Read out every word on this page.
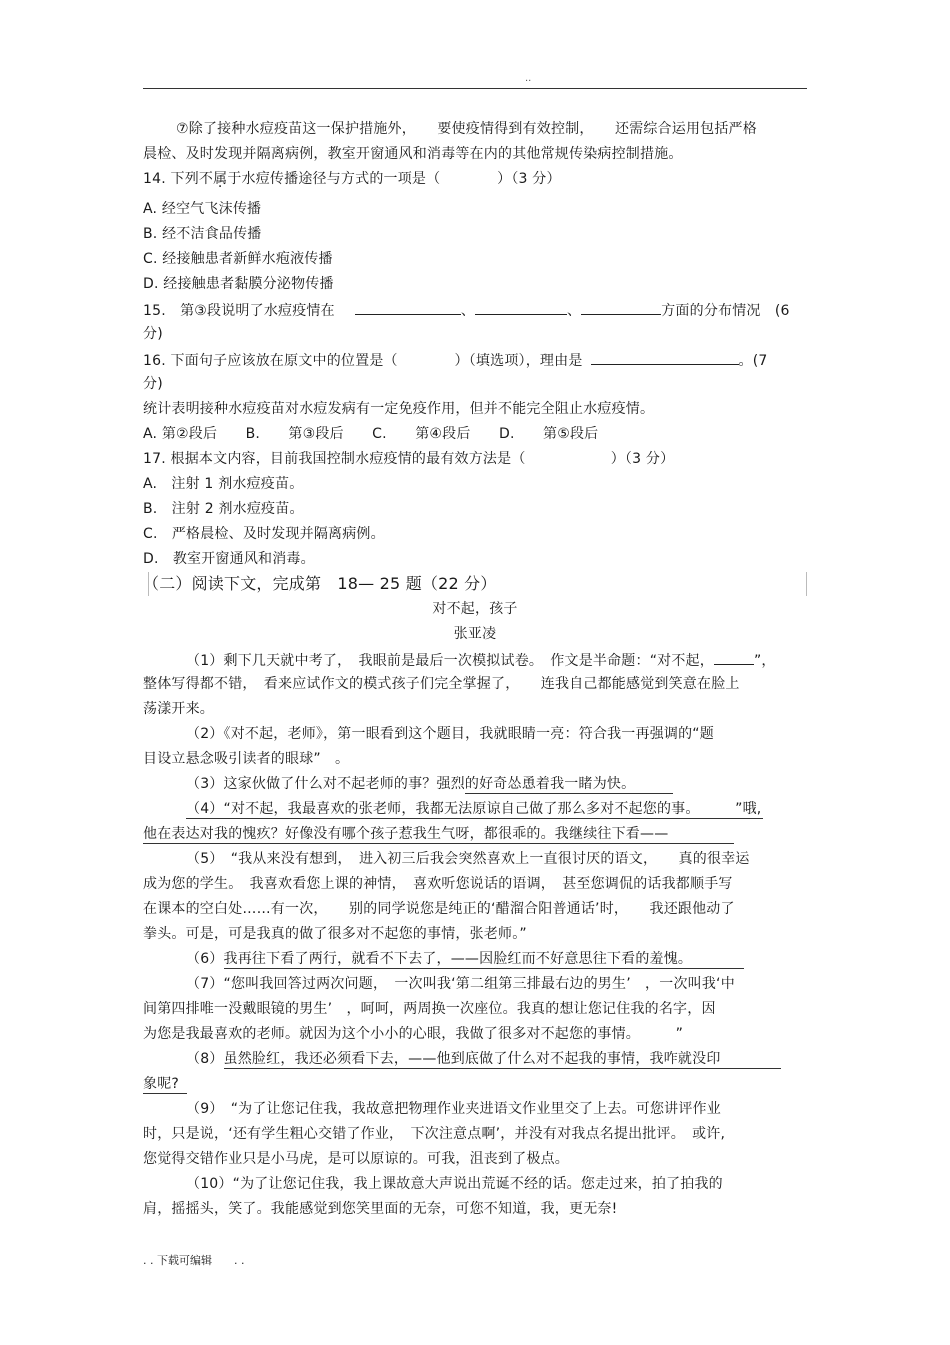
..
⑦除了接种水痘疫苗这一保护措施外，　　要使疫情得到有效控制，　　还需综合运用包括严格
晨检、及时发现并隔离病例，教室开窗通风和消毒等在内的其他常规传染病控制措施。
14. 下列不属于水痘传播途径与方式的一项是（　　　　）（3 分）
A. 经空气飞沫传播
B. 经不洁食品传播
C. 经接触患者新鲜水疱液传播
D. 经接触患者黏膜分泌物传播
15.　第③段说明了水痘疫情在	、	、	方面的分布情况　(6
分)
16. 下面句子应该放在原文中的位置是（　　　　）（填选项），理由是	。(7
分)
统计表明接种水痘疫苗对水痘发病有一定免疫作用，但并不能完全阻止水痘疫情。
A. 第②段后　　B.　　第③段后　　C.　　第④段后　　D.　　第⑤段后
17. 根据本文内容，目前我国控制水痘疫情的最有效方法是（　　　　　　）（3 分）
A.　注射 1 剂水痘疫苗。
B.　注射 2 剂水痘疫苗。
C.　严格晨检、及时发现并隔离病例。
D.　教室开窗通风和消毒。
（二）阅读下文，完成第　18— 25 题（22 分）
对不起，孩子
张亚凌
（1）剩下几天就中考了，　我眼前是最后一次模拟试卷。　作文是半命题：“对不起，	”，
整体写得都不错，　看来应试作文的模式孩子们完全掌握了，　　连我自己都能感觉到笑意在脸上
荡漾开来。
（2）《对不起，老师》，第一眼看到这个题目，我就眼睛一亮：符合我一再强调的“题
目设立悬念吸引读者的眼球”　。
（3）这家伙做了什么对不起老师的事？强烈的好奇怂恿着我一睹为快。
（4）“对不起，我最喜欢的张老师，我都无法原谅自己做了那么多对不起您的事。　　　”哦,
他在表达对我的愧疚？好像没有哪个孩子惹我生气呀，都很乖的。我继续往下看——
（5）　“我从来没有想到，　进入初三后我会突然喜欢上一直很讨厌的语文，　　真的很幸运
成为您的学生。　我喜欢看您上课的神情，　喜欢听您说话的语调，　甚至您调侃的话我都顺手写
在课本的空白处……有一次，　　别的同学说您是纯正的‘醋溜合阳普通话’时，　　我还跟他动了
拳头。可是，可是我真的做了很多对不起您的事情，张老师。”
（6）我再往下看了两行，就看不下去了，——因脸红而不好意思往下看的羞愧。
（7）“您叫我回答过两次问题，　一次叫我‘第二组第三排最右边的男生’　，一次叫我‘中
间第四排唯一没戴眼镜的男生’　，呵呵，两周换一次座位。我真的想让您记住我的名字，因
为您是我最喜欢的老师。就因为这个小小的心眼，我做了很多对不起您的事情。　　　”
（8）虽然脸红，我还必须看下去，——他到底做了什么对不起我的事情，我咋就没印
象呢?
（9）　“为了让您记住我，我故意把物理作业夹进语文作业里交了上去。可您讲评作业
时，只是说，‘还有学生粗心交错了作业，　下次注意点啊’，并没有对我点名提出批评。　或许,
您觉得交错作业只是小马虎，是可以原谅的。可我，沮丧到了极点。
（10）“为了让您记住我，我上课故意大声说出荒诞不经的话。您走过来，拍了拍我的
肩，摇摇头，笑了。我能感觉到您笑里面的无奈，可您不知道，我，更无奈!
. . 下载可编辑　　. .
